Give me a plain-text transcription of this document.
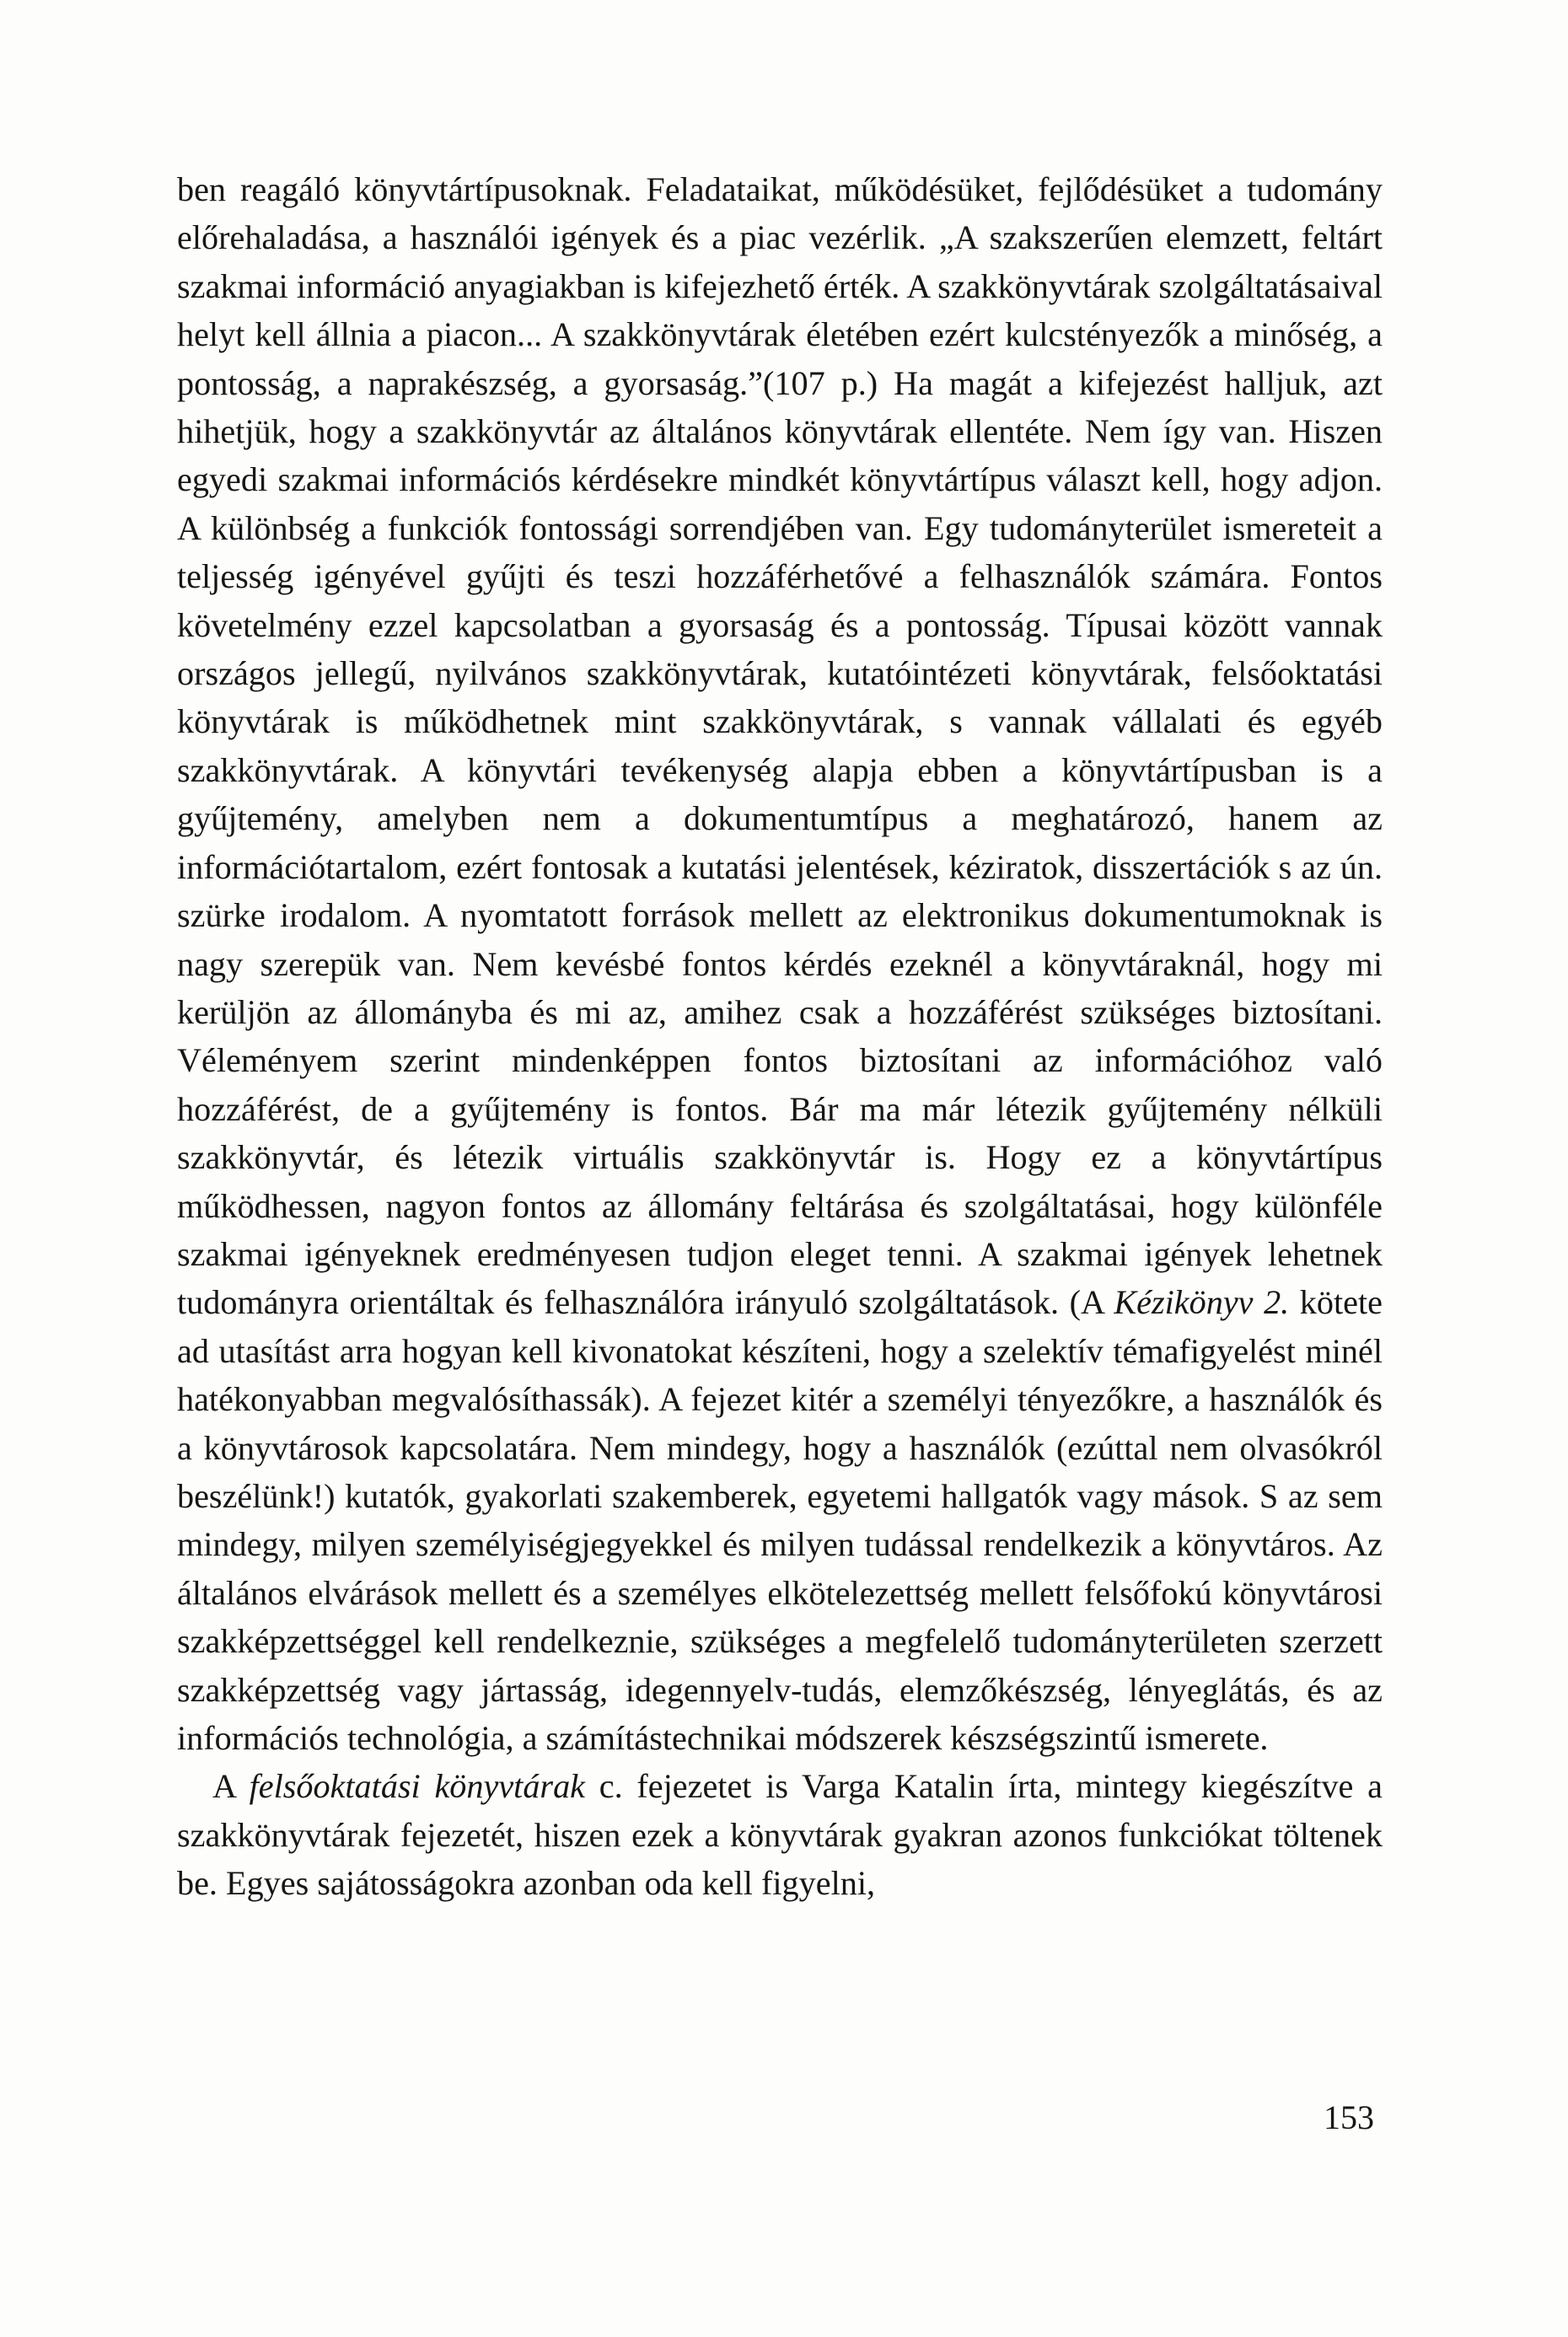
ben reagáló könyvtártípusoknak. Feladataikat, működésüket, fejlődésüket a tudomány előrehaladása, a használói igények és a piac vezérlik. „A szakszerűen elemzett, feltárt szakmai információ anyagiakban is kifejezhető érték. A szakkönyvtárak szolgáltatásaival helyt kell állnia a piacon... A szakkönyvtárak életében ezért kulcstényezők a minőség, a pontosság, a naprakészség, a gyorsaság.”(107 p.) Ha magát a kifejezést halljuk, azt hihetjük, hogy a szakkönyvtár az általános könyvtárak ellentéte. Nem így van. Hiszen egyedi szakmai információs kérdésekre mindkét könyvtártípus választ kell, hogy adjon. A különbség a funkciók fontossági sorrendjében van. Egy tudományterület ismereteit a teljesség igényével gyűjti és teszi hozzáférhetővé a felhasználók számára. Fontos követelmény ezzel kapcsolatban a gyorsaság és a pontosság. Típusai között vannak országos jellegű, nyilvános szakkönyvtárak, kutatóintézeti könyvtárak, felsőoktatási könyvtárak is működhetnek mint szakkönyvtárak, s vannak vállalati és egyéb szakkönyvtárak. A könyvtári tevékenység alapja ebben a könyvtártípusban is a gyűjtemény, amelyben nem a dokumentumtípus a meghatározó, hanem az információtartalom, ezért fontosak a kutatási jelentések, kéziratok, disszertációk s az ún. szürke irodalom. A nyomtatott források mellett az elektronikus dokumentumoknak is nagy szerepük van. Nem kevésbé fontos kérdés ezeknél a könyvtáraknál, hogy mi kerüljön az állományba és mi az, amihez csak a hozzáférést szükséges biztosítani. Véleményem szerint mindenképpen fontos biztosítani az információhoz való hozzáférést, de a gyűjtemény is fontos. Bár ma már létezik gyűjtemény nélküli szakkönyvtár, és létezik virtuális szakkönyvtár is. Hogy ez a könyvtártípus működhessen, nagyon fontos az állomány feltárása és szolgáltatásai, hogy különféle szakmai igényeknek eredményesen tudjon eleget tenni. A szakmai igények lehetnek tudományra orientáltak és felhasználóra irányuló szolgáltatások. (A Kézikönyv 2. kötete ad utasítást arra hogyan kell kivonatokat készíteni, hogy a szelektív témafigyelést minél hatékonyabban megvalósíthassák). A fejezet kitér a személyi tényezőkre, a használók és a könyvtárosok kapcsolatára. Nem mindegy, hogy a használók (ezúttal nem olvasókról beszélünk!) kutatók, gyakorlati szakemberek, egyetemi hallgatók vagy mások. S az sem mindegy, milyen személyiségjegyekkel és milyen tudással rendelkezik a könyvtáros. Az általános elvárások mellett és a személyes elkötelezettség mellett felsőfokú könyvtárosi szakképzettséggel kell rendelkeznie, szükséges a megfelelő tudományterületen szerzett szakképzettség vagy jártasság, idegennyelv-tudás, elemzőkészség, lényeglátás, és az információs technológia, a számítástechnikai módszerek készségszintű ismerete.

A felsőoktatási könyvtárak c. fejezetet is Varga Katalin írta, mintegy kiegészítve a szakkönyvtárak fejezetét, hiszen ezek a könyvtárak gyakran azonos funkciókat töltenek be. Egyes sajátosságokra azonban oda kell figyelni,

153
